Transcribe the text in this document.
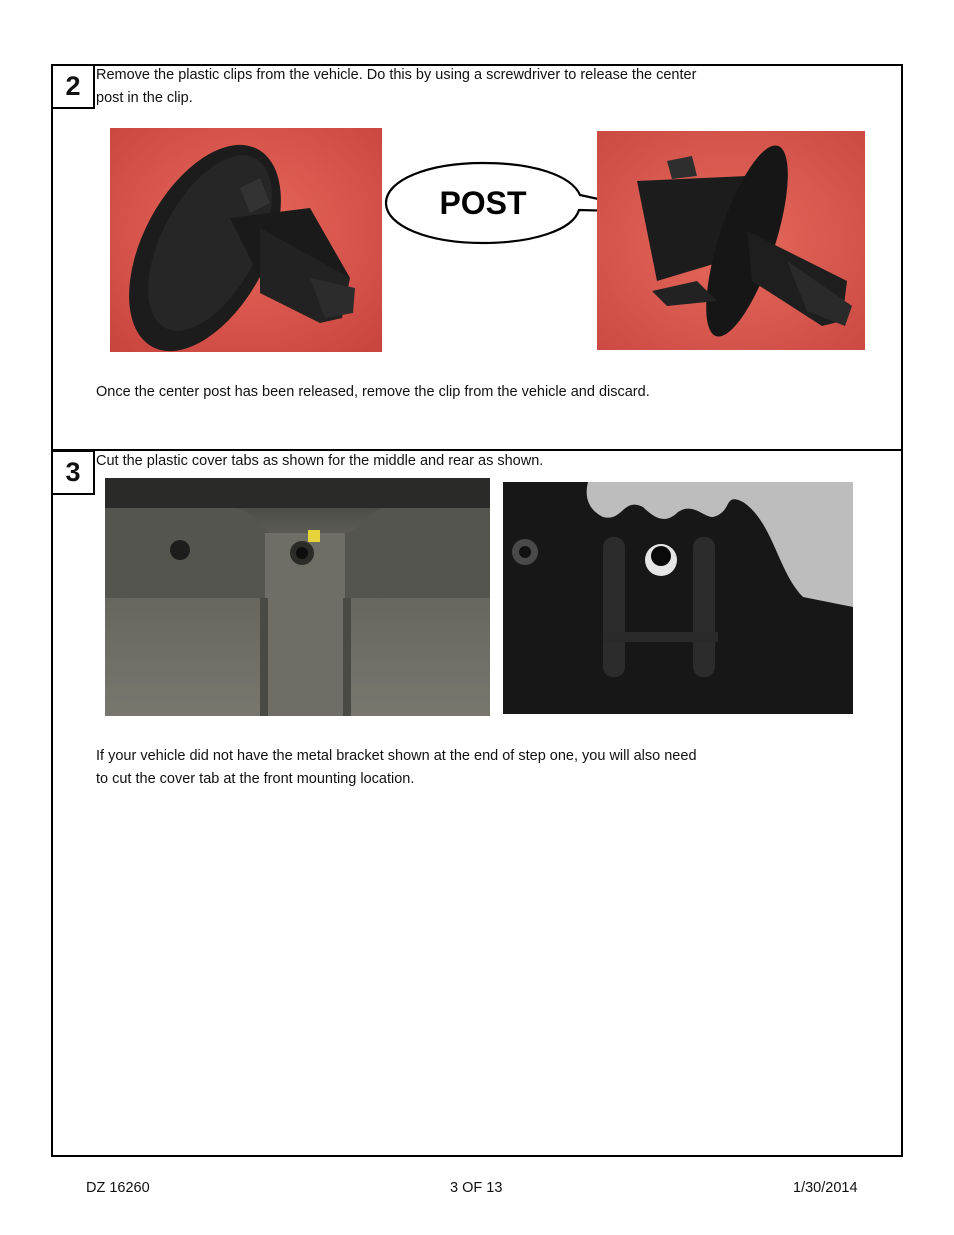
2	Remove the plastic clips from the vehicle. Do this by using a screwdriver to release the center
post in the clip.
POST
Once the center post has been released, remove the clip from the vehicle and discard.
3	Cut the plastic cover tabs as shown for the middle and rear as shown.
If your vehicle did not have the metal bracket shown at the end of step one, you will also need
to cut the cover tab at the front mounting location.
DZ 16260	3 OF 13	1/30/2014
